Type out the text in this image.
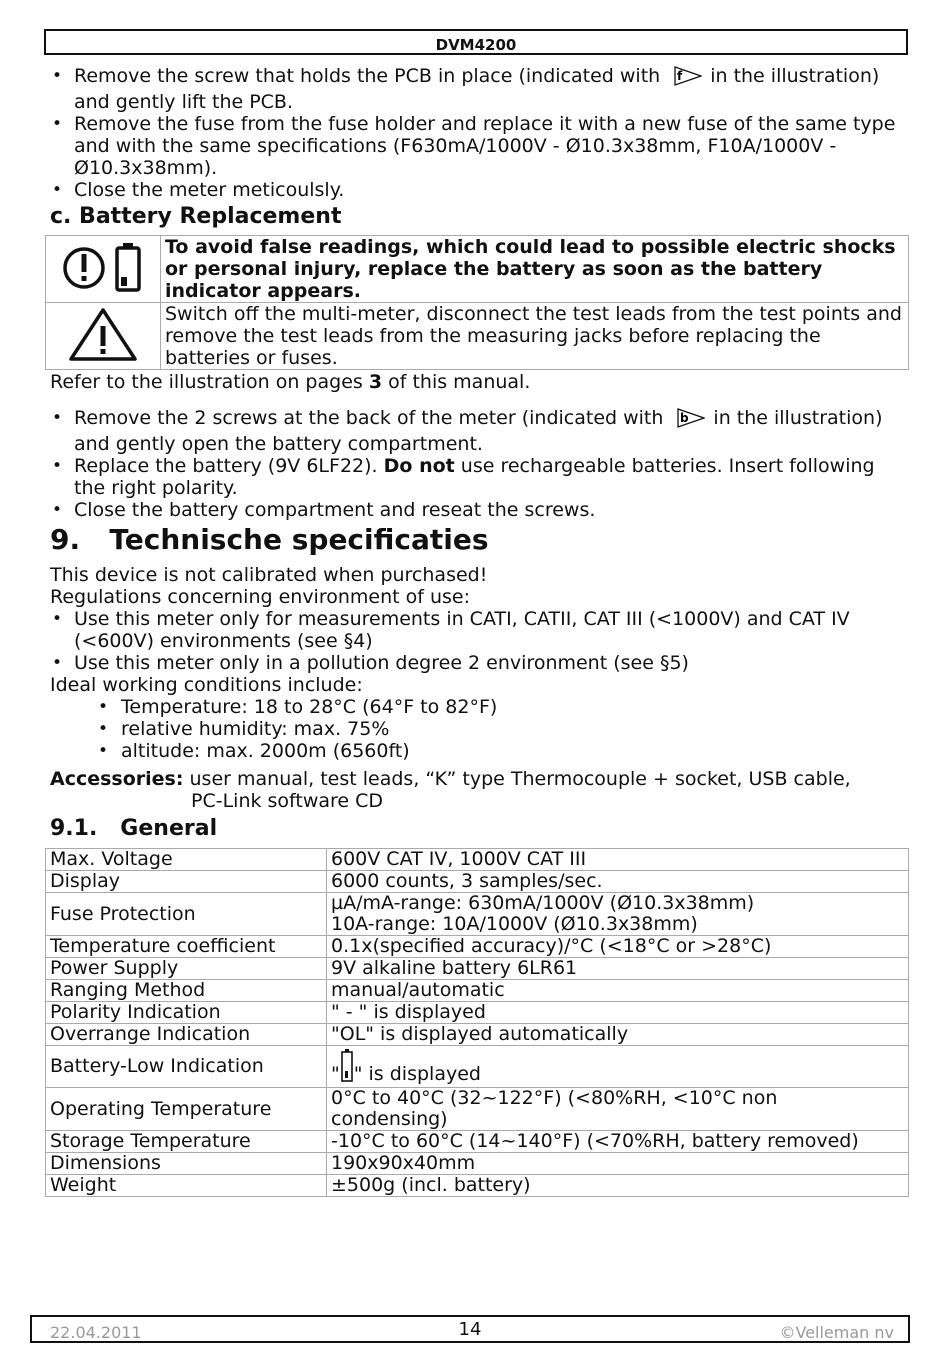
DVM4200
• Remove the screw that holds the PCB in place (indicated with f in the illustration) and gently lift the PCB.
• Remove the fuse from the fuse holder and replace it with a new fuse of the same type and with the same specifications (F630mA/1000V - Ø10.3x38mm, F10A/1000V - Ø10.3x38mm).
• Close the meter meticoulsly.
c. Battery Replacement
	To avoid false readings, which could lead to possible electric shocks or personal injury, replace the battery as soon as the battery indicator appears.
	Switch off the multi-meter, disconnect the test leads from the test points and remove the test leads from the measuring jacks before replacing the batteries or fuses.
Refer to the illustration on pages 3 of this manual.
• Remove the 2 screws at the back of the meter (indicated with b in the illustration) and gently open the battery compartment.
• Replace the battery (9V 6LF22). Do not use rechargeable batteries. Insert following the right polarity.
• Close the battery compartment and reseat the screws.
9.   Technische specificaties
This device is not calibrated when purchased!
Regulations concerning environment of use:
• Use this meter only for measurements in CATI, CATII, CAT III (<1000V) and CAT IV (<600V) environments (see §4)
• Use this meter only in a pollution degree 2 environment (see §5)
Ideal working conditions include:
• Temperature: 18 to 28°C (64°F to 82°F)
• relative humidity: max. 75%
• altitude: max. 2000m (6560ft)
Accessories: user manual, test leads, “K” type Thermocouple + socket, USB cable,
PC-Link software CD
9.1.   General
Max. Voltage	600V CAT IV, 1000V CAT III
Display	6000 counts, 3 samples/sec.
Fuse Protection	µA/mA-range: 630mA/1000V (Ø10.3x38mm)
10A-range: 10A/1000V (Ø10.3x38mm)

Temperature coefficient	0.1x(specified accuracy)/°C (<18°C or >28°C)
Power Supply	9V alkaline battery 6LR61
Ranging Method	manual/automatic
Polarity Indication	" - " is displayed
Overrange Indication	"OL" is displayed automatically
Battery-Low Indication	" " is displayed
Operating Temperature	0°C to 40°C (32~122°F) (<80%RH, <10°C non
condensing)

Storage Temperature	-10°C to 60°C (14~140°F) (<70%RH, battery removed)
Dimensions	190x90x40mm
Weight	±500g (incl. battery)
22.04.2011	14	©Velleman nv
